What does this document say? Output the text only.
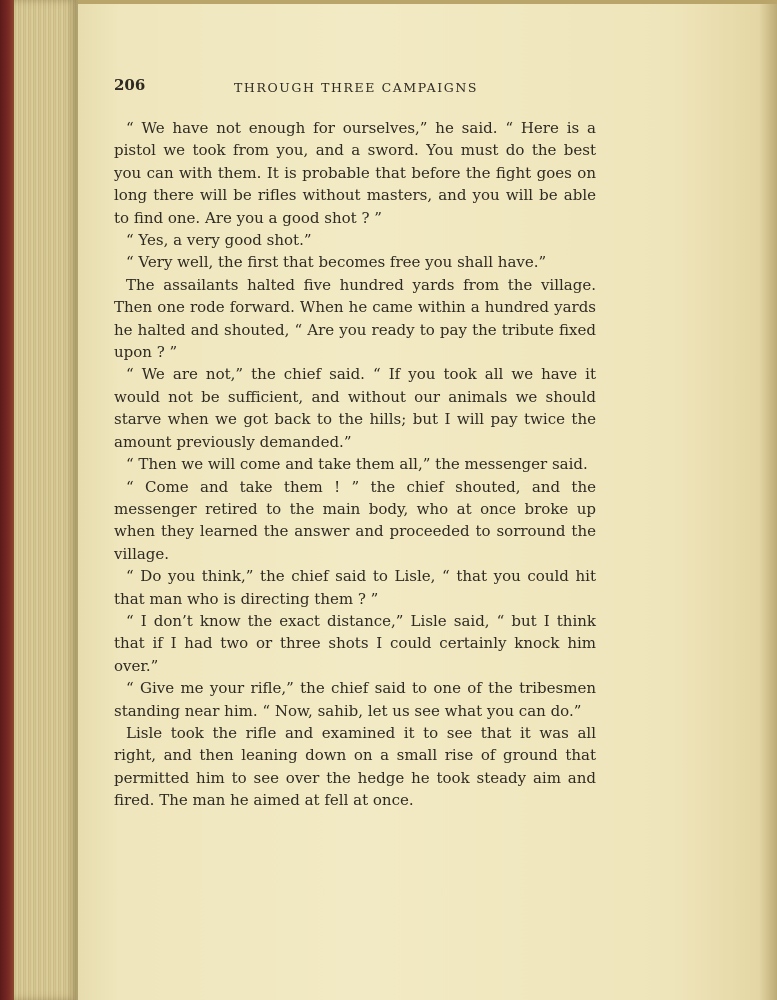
206	THROUGH THREE CAMPAIGNS

“ We have not enough for ourselves,” he said. “ Here is a pistol we took from you, and a sword. You must do the best you can with them. It is probable that before the fight goes on long there will be rifles without masters, and you will be able to find one. Are you a good shot ? ”

“ Yes, a very good shot.”

“ Very well, the first that becomes free you shall have.”

The assailants halted five hundred yards from the village. Then one rode forward. When he came within a hundred yards he halted and shouted, “ Are you ready to pay the tribute fixed upon ? ”

“ We are not,” the chief said. “ If you took all we have it would not be sufficient, and without our animals we should starve when we got back to the hills; but I will pay twice the amount previously demanded.”

“ Then we will come and take them all,” the messenger said.

“ Come and take them ! ” the chief shouted, and the messenger retired to the main body, who at once broke up when they learned the answer and proceeded to sorround the village.

“ Do you think,” the chief said to Lisle, “ that you could hit that man who is directing them ? ”

“ I don’t know the exact distance,” Lisle said, “ but I think that if I had two or three shots I could certainly knock him over.”

“ Give me your rifle,” the chief said to one of the tribesmen standing near him. “ Now, sahib, let us see what you can do.”

Lisle took the rifle and examined it to see that it was all right, and then leaning down on a small rise of ground that permitted him to see over the hedge he took steady aim and fired. The man he aimed at fell at once.
